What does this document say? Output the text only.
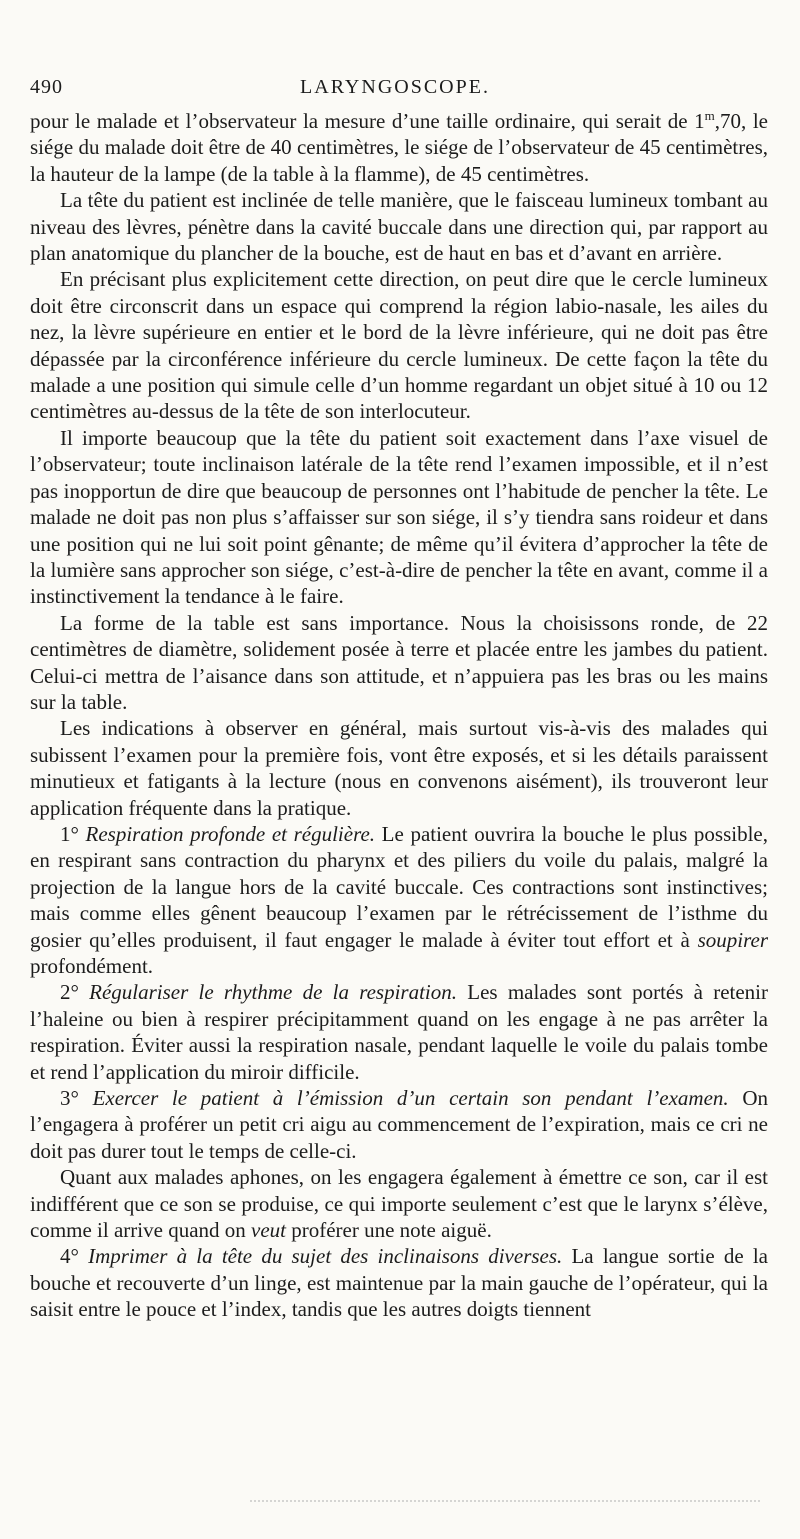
490	LARYNGOSCOPE.

pour le malade et l’observateur la mesure d’une taille ordinaire, qui serait de 1$^m$,70, le siége du malade doit être de 40 centimètres, le siége de l’observateur de 45 centimètres, la hauteur de la lampe (de la table à la flamme), de 45 centimètres.

La tête du patient est inclinée de telle manière, que le faisceau lumineux tombant au niveau des lèvres, pénètre dans la cavité buccale dans une direction qui, par rapport au plan anatomique du plancher de la bouche, est de haut en bas et d’avant en arrière.

En précisant plus explicitement cette direction, on peut dire que le cercle lumineux doit être circonscrit dans un espace qui comprend la région labio-nasale, les ailes du nez, la lèvre supérieure en entier et le bord de la lèvre inférieure, qui ne doit pas être dépassée par la circonférence inférieure du cercle lumineux. De cette façon la tête du malade a une position qui simule celle d’un homme regardant un objet situé à 10 ou 12 centimètres au-dessus de la tête de son interlocuteur.

Il importe beaucoup que la tête du patient soit exactement dans l’axe visuel de l’observateur; toute inclinaison latérale de la tête rend l’examen impossible, et il n’est pas inopportun de dire que beaucoup de personnes ont l’habitude de pencher la tête. Le malade ne doit pas non plus s’affaisser sur son siége, il s’y tiendra sans roideur et dans une position qui ne lui soit point gênante; de même qu’il évitera d’approcher la tête de la lumière sans approcher son siége, c’est-à-dire de pencher la tête en avant, comme il a instinctivement la tendance à le faire.

La forme de la table est sans importance. Nous la choisissons ronde, de 22 centimètres de diamètre, solidement posée à terre et placée entre les jambes du patient. Celui-ci mettra de l’aisance dans son attitude, et n’appuiera pas les bras ou les mains sur la table.

Les indications à observer en général, mais surtout vis-à-vis des malades qui subissent l’examen pour la première fois, vont être exposés, et si les détails paraissent minutieux et fatigants à la lecture (nous en convenons aisément), ils trouveront leur application fréquente dans la pratique.

1° Respiration profonde et régulière. Le patient ouvrira la bouche le plus possible, en respirant sans contraction du pharynx et des piliers du voile du palais, malgré la projection de la langue hors de la cavité buccale. Ces contractions sont instinctives; mais comme elles gênent beaucoup l’examen par le rétrécissement de l’isthme du gosier qu’elles produisent, il faut engager le malade à éviter tout effort et à soupirer profondément.

2° Régulariser le rhythme de la respiration. Les malades sont portés à retenir l’haleine ou bien à respirer précipitamment quand on les engage à ne pas arrêter la respiration. Éviter aussi la respiration nasale, pendant laquelle le voile du palais tombe et rend l’application du miroir difficile.

3° Exercer le patient à l’émission d’un certain son pendant l’examen. On l’engagera à proférer un petit cri aigu au commencement de l’expiration, mais ce cri ne doit pas durer tout le temps de celle-ci.

Quant aux malades aphones, on les engagera également à émettre ce son, car il est indifférent que ce son se produise, ce qui importe seulement c’est que le larynx s’élève, comme il arrive quand on veut proférer une note aiguë.

4° Imprimer à la tête du sujet des inclinaisons diverses. La langue sortie de la bouche et recouverte d’un linge, est maintenue par la main gauche de l’opérateur, qui la saisit entre le pouce et l’index, tandis que les autres doigts tiennent
